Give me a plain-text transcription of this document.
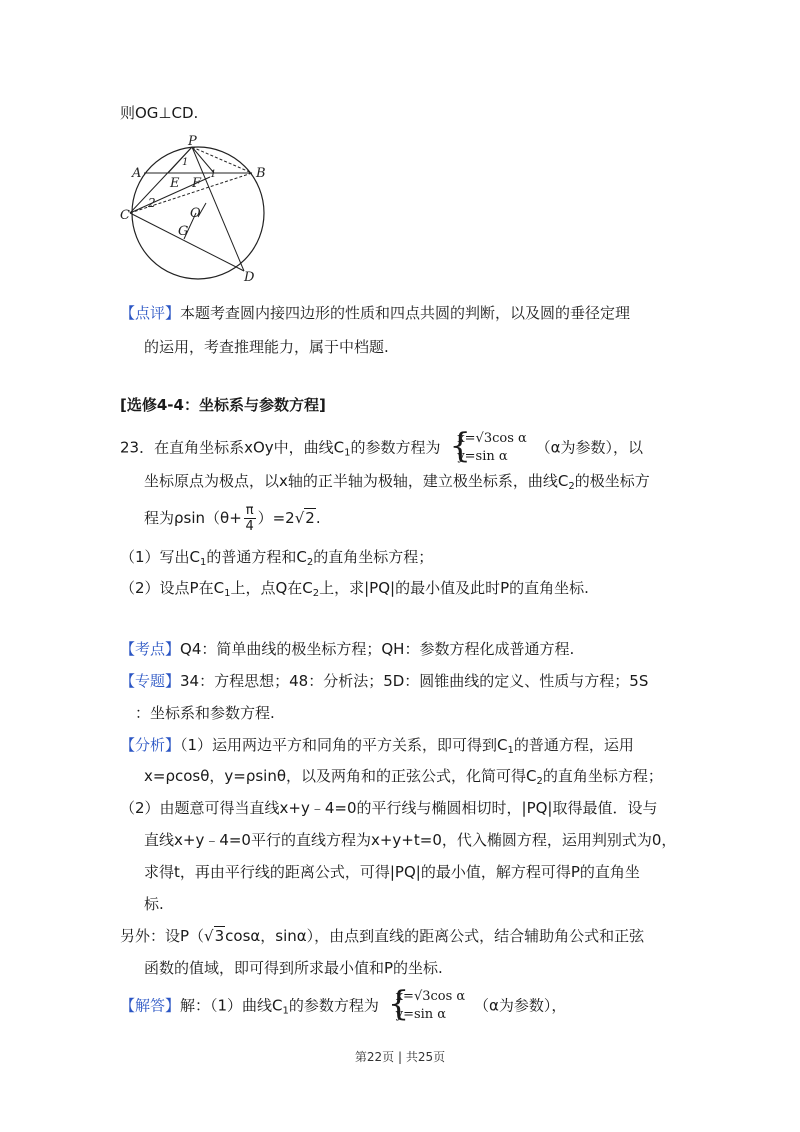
则OG⊥CD.
P
A
E F
B
1
1
2
C	O
G
D
【点评】本题考查圆内接四边形的性质和四点共圆的判断，以及圆的垂径定理
的运用，考查推理能力，属于中档题.
[选修4-4：坐标系与参数方程]
23．在直角坐标系xOy中，曲线$C_1$的参数方程为 {
x=√3cos α
y=sin α	（α为参数），以
坐标原点为极点，以x轴的正半轴为极轴，建立极坐标系，曲线$C_2$的极坐标方
程为$\rho\sin(\theta+ \frac{\pi}{4} )=2√2$.
（1）写出$C_1$的普通方程和$C_2$的直角坐标方程；
（2）设点P在$C_1$上，点Q在$C_2$上，求|PQ|的最小值及此时P的直角坐标.
【考点】Q4：简单曲线的极坐标方程；QH：参数方程化成普通方程.
【专题】34：方程思想；48：分析法；5D：圆锥曲线的定义、性质与方程；5S
：坐标系和参数方程.
【分析】（1）运用两边平方和同角的平方关系，即可得到$C_1$的普通方程，运用
x=ρcosθ，y=ρsinθ，以及两角和的正弦公式，化简可得$C_2$的直角坐标方程；
（2）由题意可得当直线x+y﹣4=0的平行线与椭圆相切时，|PQ|取得最值．设与
直线x+y﹣4=0平行的直线方程为x+y+t=0，代入椭圆方程，运用判别式为0，
求得t，再由平行线的距离公式，可得|PQ|的最小值，解方程可得P的直角坐
标.
另外：设P（√3cosα，sinα），由点到直线的距离公式，结合辅助角公式和正弦
函数的值域，即可得到所求最小值和P的坐标.
【解答】解：（1）曲线$C_1$的参数方程为 {
x=√3cos α
y=sin α	（α为参数），
第22页 | 共25页
